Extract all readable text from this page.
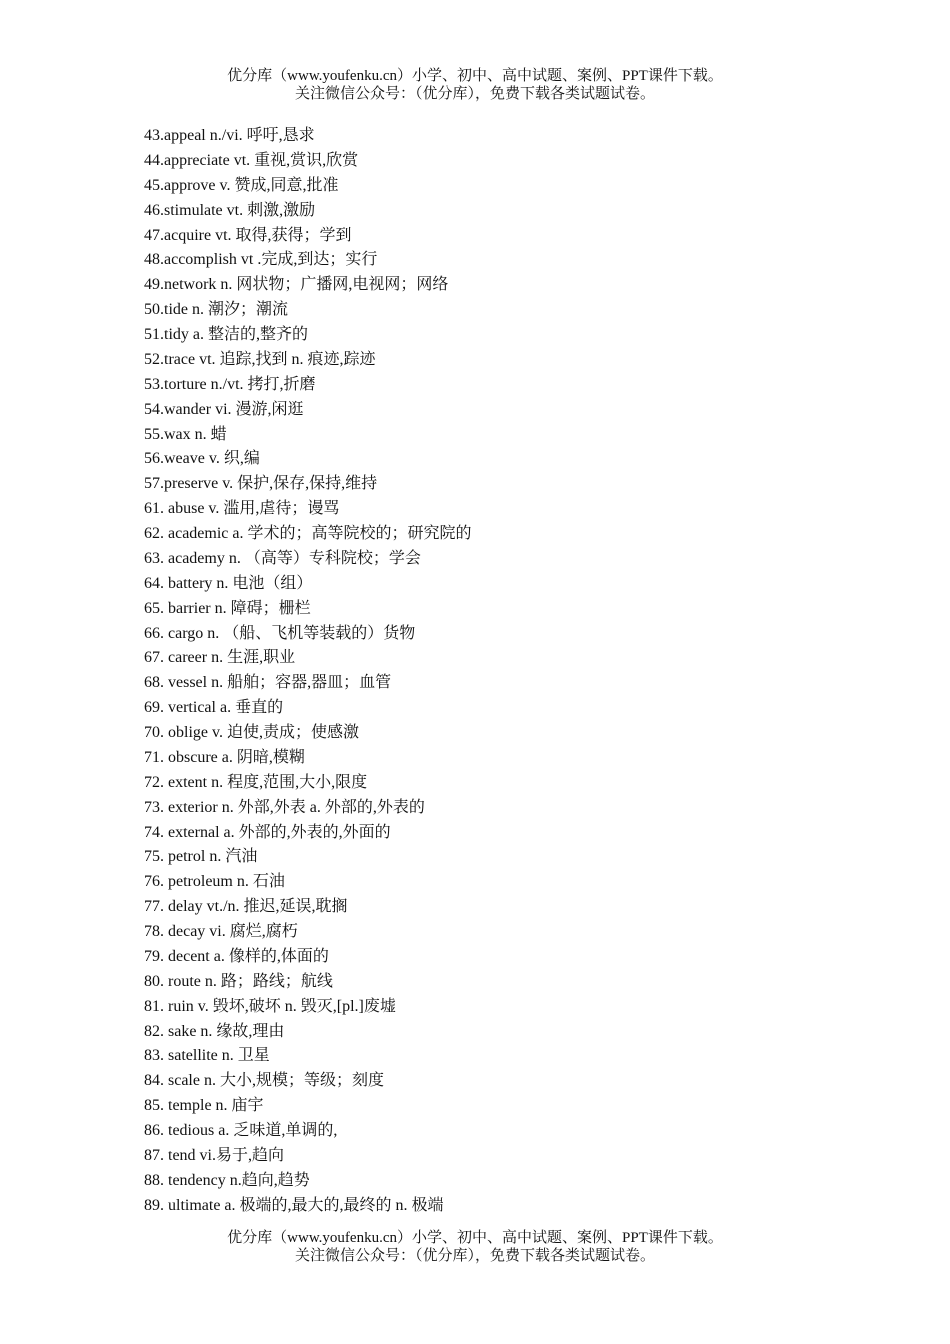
优分库（www.youfenku.cn）小学、初中、高中试题、案例、PPT课件下载。
关注微信公众号：（优分库），免费下载各类试题试卷。
43.appeal n./vi. 呼吁,恳求
44.appreciate vt. 重视,赏识,欣赏
45.approve v. 赞成,同意,批准
46.stimulate vt. 刺激,激励
47.acquire vt. 取得,获得；学到
48.accomplish vt .完成,到达；实行
49.network n. 网状物；广播网,电视网；网络
50.tide n. 潮汐；潮流
51.tidy a. 整洁的,整齐的
52.trace vt. 追踪,找到 n. 痕迹,踪迹
53.torture n./vt. 拷打,折磨
54.wander vi. 漫游,闲逛
55.wax n. 蜡
56.weave v. 织,编
57.preserve v. 保护,保存,保持,维持
61. abuse v. 滥用,虐待；谩骂
62. academic a. 学术的；高等院校的；研究院的
63. academy n. （高等）专科院校；学会
64. battery n. 电池（组）
65. barrier n. 障碍；栅栏
66. cargo n. （船、飞机等装载的）货物
67. career n. 生涯,职业
68. vessel n. 船舶；容器,器皿；血管
69. vertical a. 垂直的
70. oblige v. 迫使,责成；使感激
71. obscure a. 阴暗,模糊
72. extent n. 程度,范围,大小,限度
73. exterior n. 外部,外表 a. 外部的,外表的
74. external a. 外部的,外表的,外面的
75. petrol n. 汽油
76. petroleum n. 石油
77. delay vt./n. 推迟,延误,耽搁
78. decay vi. 腐烂,腐朽
79. decent a. 像样的,体面的
80. route n. 路；路线；航线
81. ruin v. 毁坏,破坏 n. 毁灭,[pl.]废墟
82. sake n. 缘故,理由
83. satellite n. 卫星
84. scale n. 大小,规模；等级；刻度
85. temple n. 庙宇
86. tedious a. 乏味道,单调的,
87. tend vi.易于,趋向
88. tendency n.趋向,趋势
89. ultimate a. 极端的,最大的,最终的 n. 极端
优分库（www.youfenku.cn）小学、初中、高中试题、案例、PPT课件下载。
关注微信公众号：（优分库），免费下载各类试题试卷。
